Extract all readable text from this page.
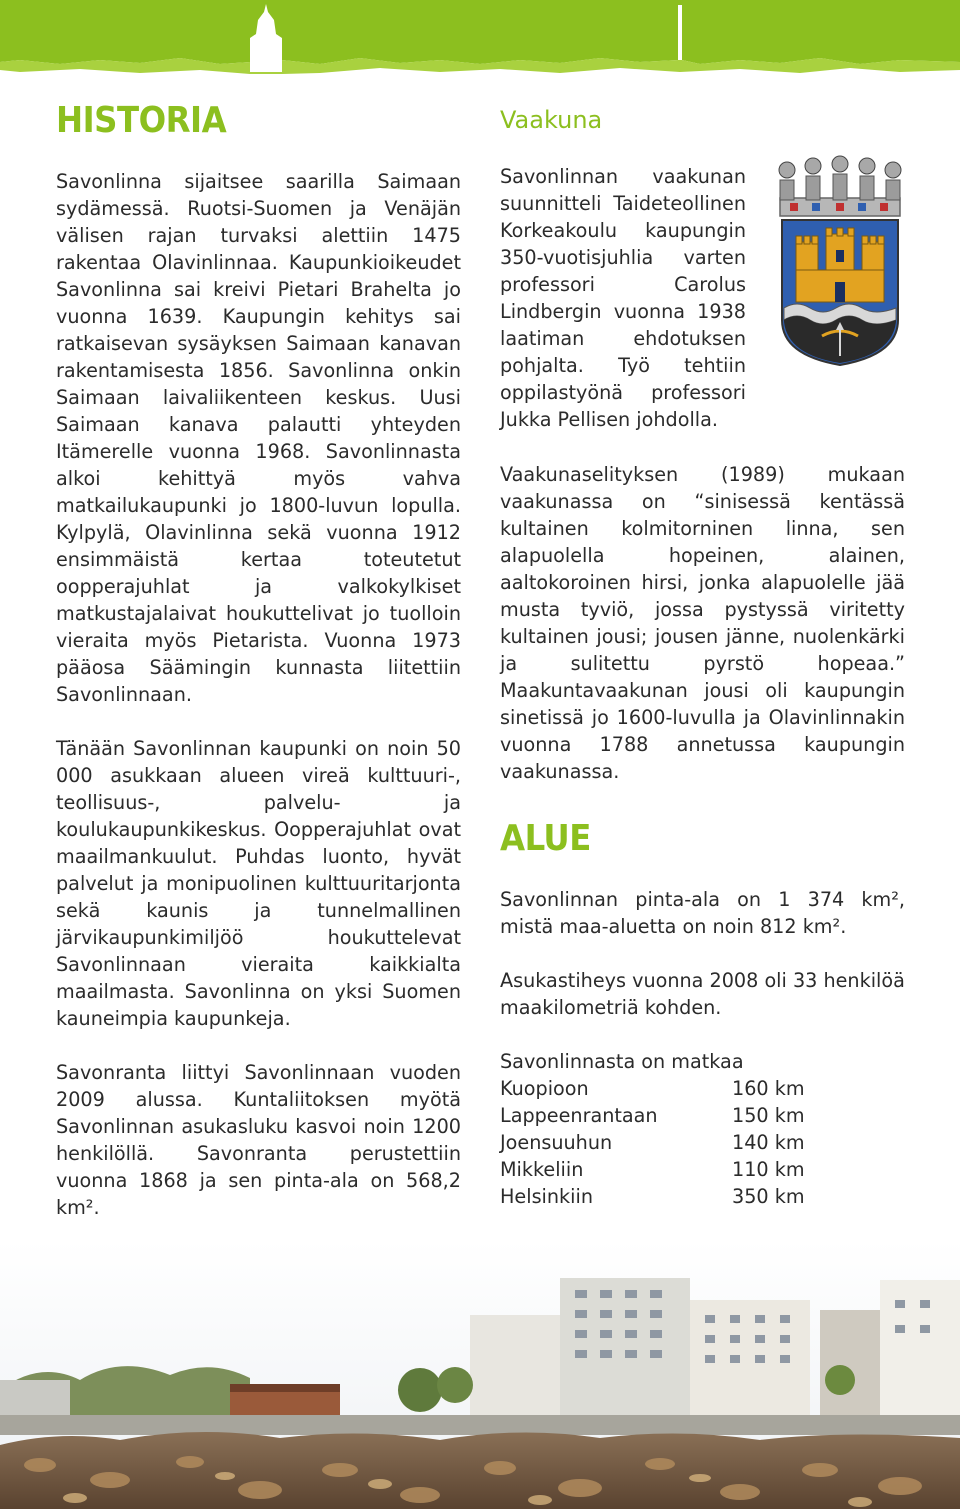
HISTORIA

Savonlinna sijaitsee saarilla Saimaan sydämessä. Ruotsi-Suomen ja Venäjän välisen rajan turvaksi alettiin 1475 rakentaa Olavinlinnaa. Kaupunkioikeudet Savonlinna sai kreivi Pietari Brahelta jo vuonna 1639. Kaupungin kehitys sai ratkaisevan sysäyksen Saimaan kanavan rakentamisesta 1856. Savonlinna onkin Saimaan laivaliikenteen keskus. Uusi Saimaan kanava palautti yhteyden Itämerelle vuonna 1968. Savonlinnasta alkoi kehittyä myös vahva matkailukaupunki jo 1800-luvun lopulla. Kylpylä, Olavinlinna sekä vuonna 1912 ensimmäistä kertaa toteutetut oopperajuhlat ja valkokylkiset matkustajalaivat houkuttelivat jo tuolloin vieraita myös Pietarista. Vuonna 1973 pääosa Säämingin kunnasta liitettiin Savonlinnaan.

Tänään Savonlinnan kaupunki on noin 50 000 asukkaan alueen vireä kulttuuri-, teollisuus-, palvelu- ja koulukaupunkikeskus. Oopperajuhlat ovat maailmankuulut. Puhdas luonto, hyvät palvelut ja monipuolinen kulttuuritarjonta sekä kaunis ja tunnelmallinen järvikaupunkimiljöö houkuttelevat Savonlinnaan vieraita kaikkialta maailmasta. Savonlinna on yksi Suomen kauneimpia kaupunkeja.

Savonranta liittyi Savonlinnaan vuoden 2009 alussa. Kuntaliitoksen myötä Savonlinnan asukasluku kasvoi noin 1200 henkilöllä. Savonranta perustettiin vuonna 1868 ja sen pinta-ala on 568,2 km².

Vaakuna

Savonlinnan vaakunan suunnitteli Taideteollinen Korkeakoulu kaupungin 350-vuotisjuhlia varten professori Carolus Lindbergin vuonna 1938 laatiman ehdotuksen pohjalta. Työ tehtiin oppilastyönä professori Jukka Pellisen johdolla.

Vaakunaselityksen (1989) mukaan vaakunassa on “sinisessä kentässä kultainen kolmitorninen linna, sen alapuolella hopeinen, alainen, aaltokoroinen hirsi, jonka alapuolelle jää musta tyviö, jossa pystyssä viritetty kultainen jousi; jousen jänne, nuolenkärki ja sulitettu pyrstö hopeaa.” Maakuntavaakunan jousi oli kaupungin sinetissä jo 1600-luvulla ja Olavinlinnakin vuonna 1788 annetussa kaupungin vaakunassa.

ALUE

Savonlinnan pinta-ala on 1 374 km², mistä maa-aluetta on noin 812 km².

Asukastiheys vuonna 2008 oli 33 henkilöä maakilometriä kohden.

Savonlinnasta on matkaa
Kuopioon	160 km
Lappeenrantaan	150 km
Joensuuhun	140 km
Mikkeliin	110 km
Helsinkiin	350 km
